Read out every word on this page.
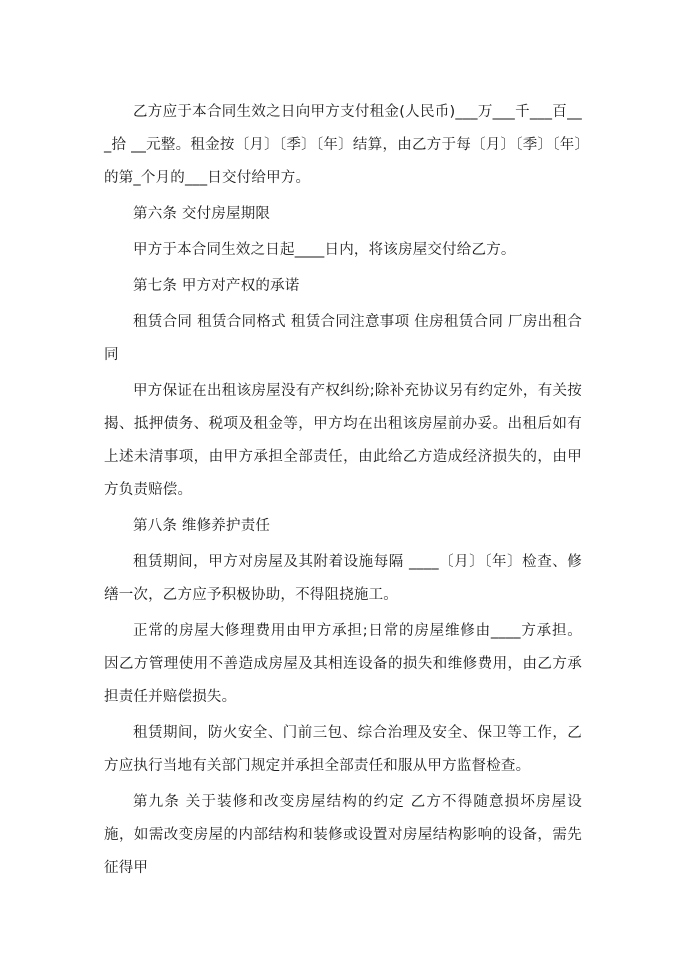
乙方应于本合同生效之日向甲方支付租金(人民币)___万___千___百___拾 __元整。租金按〔月〕〔季〕〔年〕结算，由乙方于每〔月〕〔季〕〔年〕的第_个月的___日交付给甲方。

第六条 交付房屋期限

甲方于本合同生效之日起____日内，将该房屋交付给乙方。

第七条 甲方对产权的承诺

租赁合同 租赁合同格式 租赁合同注意事项 住房租赁合同 厂房出租合同

甲方保证在出租该房屋没有产权纠纷;除补充协议另有约定外，有关按揭、抵押债务、税项及租金等，甲方均在出租该房屋前办妥。出租后如有上述未清事项，由甲方承担全部责任，由此给乙方造成经济损失的，由甲方负责赔偿。

第八条 维修养护责任

租赁期间，甲方对房屋及其附着设施每隔 ____〔月〕〔年〕检查、修缮一次，乙方应予积极协助，不得阻挠施工。

正常的房屋大修理费用由甲方承担;日常的房屋维修由____方承担。 因乙方管理使用不善造成房屋及其相连设备的损失和维修费用，由乙方承担责任并赔偿损失。

租赁期间，防火安全、门前三包、综合治理及安全、保卫等工作，乙方应执行当地有关部门规定并承担全部责任和服从甲方监督检查。

第九条 关于装修和改变房屋结构的约定 乙方不得随意损坏房屋设施，如需改变房屋的内部结构和装修或设置对房屋结构影响的设备，需先征得甲
